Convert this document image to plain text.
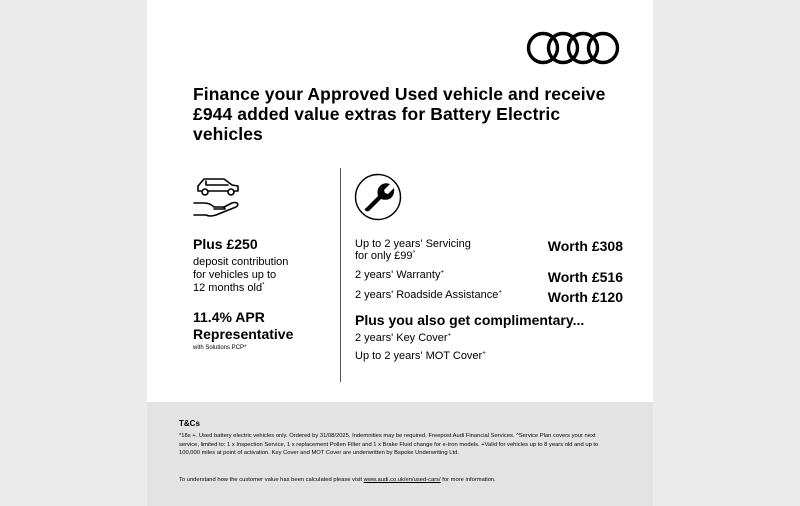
Finance your Approved Used vehicle and receive £944 added value extras for Battery Electric vehicles
Plus £250
deposit contribution
for vehicles up to
12 months old*
11.4% APR
Representative
with Solutions PCP*
Up to 2 years' Servicing
for only £99^	Worth £308
2 years' Warranty+	Worth £516
2 years' Roadside Assistance+	Worth £120
Plus you also get complimentary...
2 years' Key Cover+
Up to 2 years' MOT Cover+
T&Cs
*18s +. Used battery electric vehicles only. Ordered by 31/08/2025. Indemnities may be required. Freepost Audi Financial Services. ^Service Plan covers your next service, limited to: 1 x Inspection Service, 1 x replacement Pollen Filter and 1 x Brake Fluid change for e-tron models. +Valid for vehicles up to 8 years old and up to 100,000 miles at point of activation. Key Cover and MOT Cover are underwritten by Bspoke Underwriting Ltd.
To understand how the customer value has been calculated please visit www.audi.co.uk/en/used-cars/ for more information.
